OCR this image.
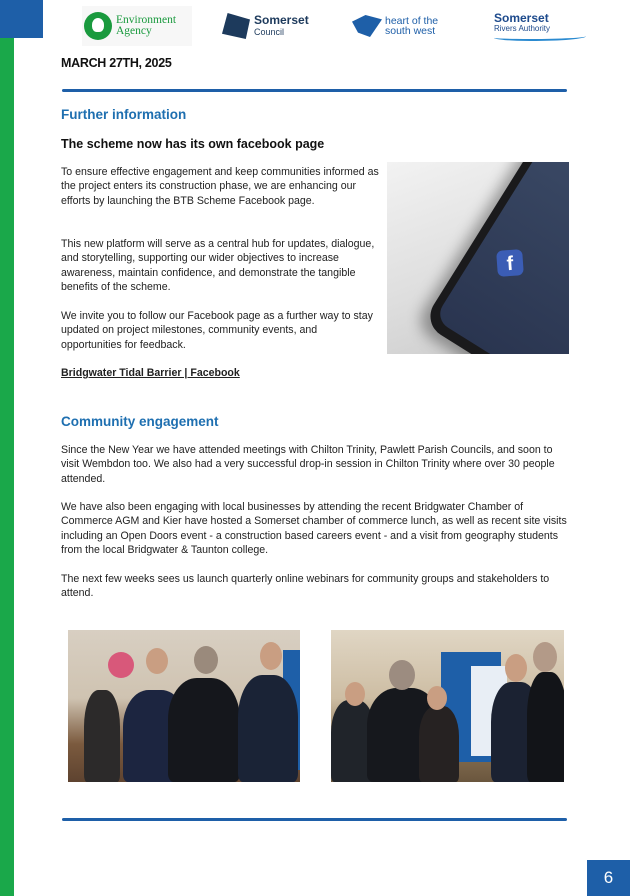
Environment
Agency
Somerset
Council
heart of the
south west
Somerset
Rivers Authority
MARCH 27TH, 2025
Further information
The scheme now has its own facebook page

To ensure effective engagement and keep communities informed as the project enters its construction phase, we are enhancing our efforts by launching the BTB Scheme Facebook page.

This new platform will serve as a central hub for updates, dialogue, and storytelling, supporting our wider objectives to increase awareness, maintain confidence, and demonstrate the tangible benefits of the scheme.

We invite you to follow our Facebook page as a further way to stay updated on project milestones, community events, and opportunities for feedback.

Bridgwater Tidal Barrier | Facebook
f
Community engagement

Since the New Year we have attended meetings with Chilton Trinity, Pawlett Parish Councils, and soon to visit Wembdon too. We also had a very successful drop-in session in Chilton Trinity where over 30 people attended.

We have also been engaging with local businesses by attending the recent Bridgwater Chamber of Commerce AGM and Kier have hosted a Somerset chamber of commerce lunch, as well as recent site visits including an Open Doors event - a construction based careers event - and a visit from geography students from the local Bridgwater & Taunton college.

The next few weeks sees us launch quarterly online webinars for community groups and stakeholders to attend.

6
